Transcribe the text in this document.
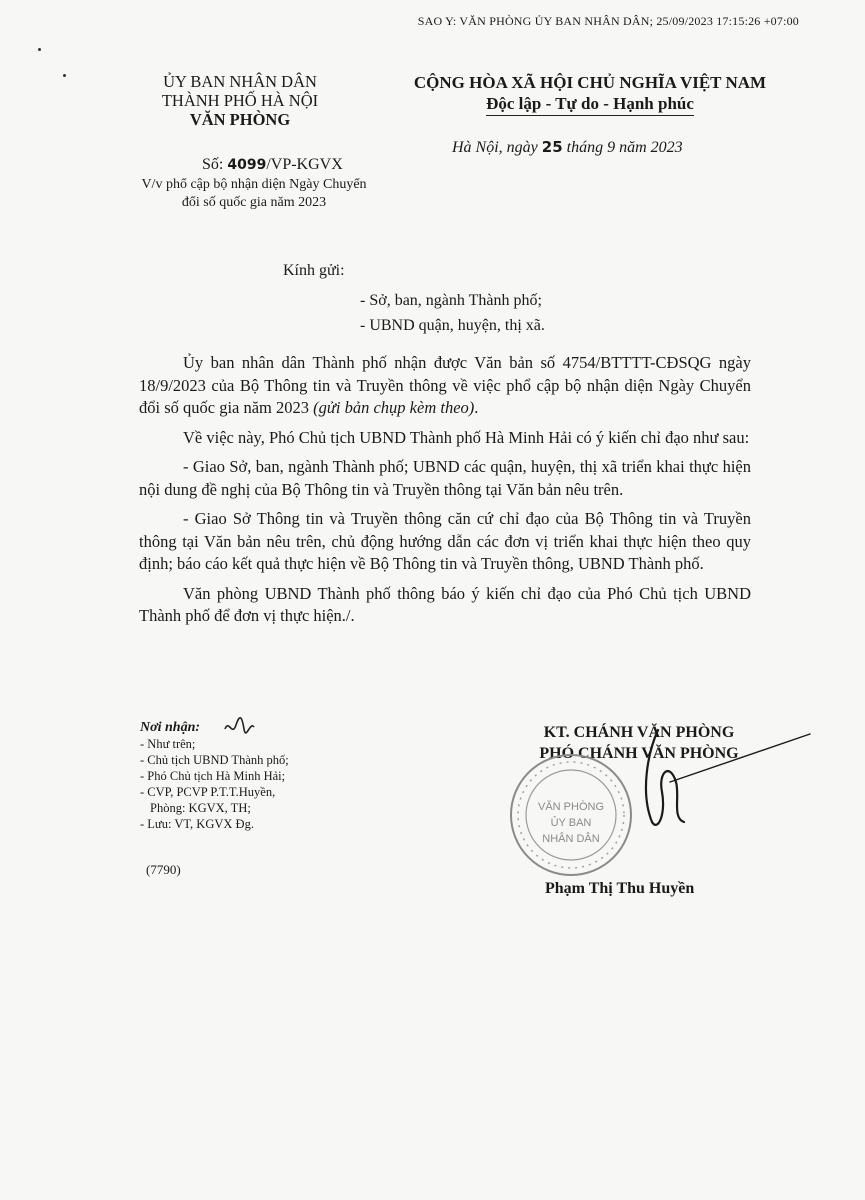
SAO Y: VĂN PHÒNG ỦY BAN NHÂN DÂN; 25/09/2023 17:15:26 +07:00
ỦY BAN NHÂN DÂN
THÀNH PHỐ HÀ NỘI
VĂN PHÒNG
CỘNG HÒA XÃ HỘI CHỦ NGHĨA VIỆT NAM
Độc lập - Tự do - Hạnh phúc
Hà Nội, ngày 25 tháng 9 năm 2023
Số: 4099/VP-KGVX
V/v phổ cập bộ nhận diện Ngày Chuyển đổi số quốc gia năm 2023
Kính gửi:
- Sở, ban, ngành Thành phố;
- UBND quận, huyện, thị xã.

Ủy ban nhân dân Thành phố nhận được Văn bản số 4754/BTTTT-CĐSQG ngày 18/9/2023 của Bộ Thông tin và Truyền thông về việc phổ cập bộ nhận diện Ngày Chuyển đổi số quốc gia năm 2023 (gửi bản chụp kèm theo).

Về việc này, Phó Chủ tịch UBND Thành phố Hà Minh Hải có ý kiến chỉ đạo như sau:

- Giao Sở, ban, ngành Thành phố; UBND các quận, huyện, thị xã triển khai thực hiện nội dung đề nghị của Bộ Thông tin và Truyền thông tại Văn bản nêu trên.

- Giao Sở Thông tin và Truyền thông căn cứ chỉ đạo của Bộ Thông tin và Truyền thông tại Văn bản nêu trên, chủ động hướng dẫn các đơn vị triển khai thực hiện theo quy định; báo cáo kết quả thực hiện về Bộ Thông tin và Truyền thông, UBND Thành phố.

Văn phòng UBND Thành phố thông báo ý kiến chỉ đạo của Phó Chủ tịch UBND Thành phố để đơn vị thực hiện./.

Nơi nhận:
- Như trên;
- Chủ tịch UBND Thành phố;
- Phó Chủ tịch Hà Minh Hải;
- CVP, PCVP P.T.T.Huyền,
Phòng: KGVX, TH;
- Lưu: VT, KGVX Đg.
(7790)
KT. CHÁNH VĂN PHÒNG
PHÓ CHÁNH VĂN PHÒNG
VĂN PHÒNG
ỦY BAN
NHÂN DÂN
Phạm Thị Thu Huyền
